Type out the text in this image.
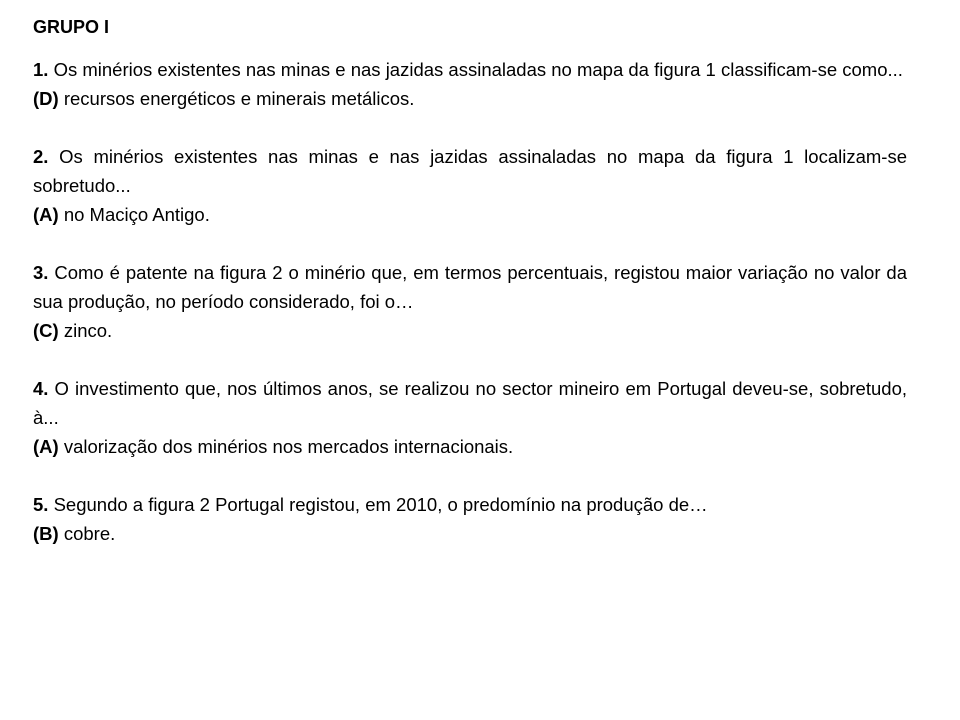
GRUPO I

1. Os minérios existentes nas minas e nas jazidas assinaladas no mapa da figura 1 classificam-se como...

(D) recursos energéticos e minerais metálicos.

2. Os minérios existentes nas minas e nas jazidas assinaladas no mapa da figura 1 localizam-se sobretudo...

(A) no Maciço Antigo.

3. Como é patente na figura 2 o minério que, em termos percentuais, registou maior variação no valor da sua produção, no período considerado, foi o…

(C) zinco.

4. O investimento que, nos últimos anos, se realizou no sector mineiro em Portugal deveu-se, sobretudo, à...

(A) valorização dos minérios nos mercados internacionais.

5. Segundo a figura 2 Portugal registou, em 2010, o predomínio na produção de…

(B) cobre.
